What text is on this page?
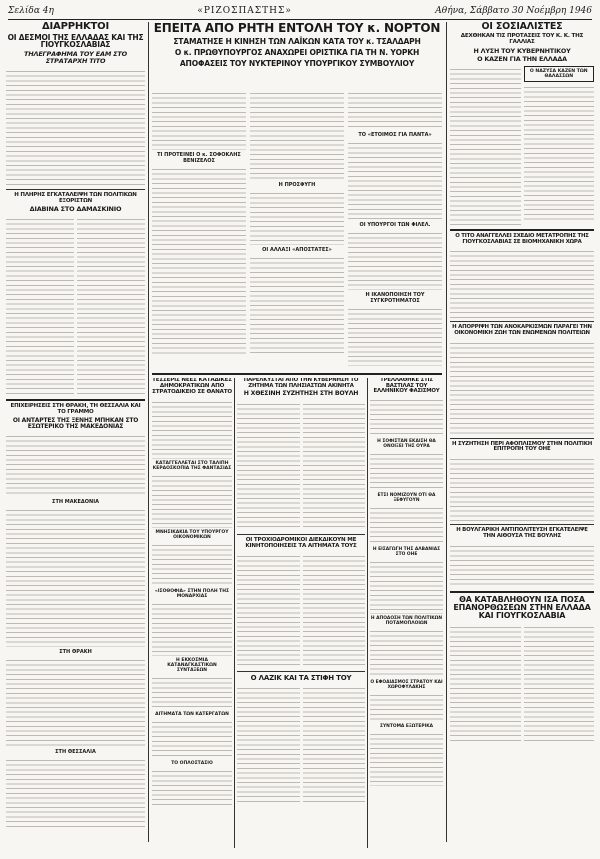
Σελίδα 4η	«ΡΙΖΟΣΠΑΣΤΗΣ»	Αθήνα, Σάββατο 30 Νοέμβρη 1946
ΔΙΑΡΡΗΚΤΟΙ
ΟΙ ΔΕΣΜΟΙ ΤΗΣ ΕΛΛΑΔΑΣ ΚΑΙ ΤΗΣ ΓΙΟΥΓΚΟΣΛΑΒΙΑΣ
ΤΗΛΕΓΡΑΦΗΜΑ ΤΟΥ ΕΑΜ ΣΤΟ ΣΤΡΑΤΑΡΧΗ ΤΙΤΟ
Η ΠΛΗΡΗΣ ΕΓΚΑΤΑΛΕΙΨΗ ΤΩΝ ΠΟΛΙΤΙΚΩΝ ΕΞΟΡΙΣΤΩΝ
ΔΙΑΒΙΝΑ ΣΤΟ ΔΑΜΑΣΚΙΝΙΟ
ΕΠΙΧΕΙΡΗΣΕΙΣ ΣΤΗ ΘΡΑΚΗ, ΤΗ ΘΕΣΣΑΛΙΑ ΚΑΙ ΤΟ ΓΡΑΜΜΟ
ΟΙ ΑΝΤΑΡΤΕΣ ΤΗΣ ΞΕΝΗΣ ΜΠΗΚΑΝ ΣΤΟ ΕΣΩΤΕΡΙΚΟ ΤΗΣ ΜΑΚΕΔΟΝΙΑΣ
ΣΤΗ ΜΑΚΕΔΟΝΙΑ
ΣΤΗ ΘΡΑΚΗ
ΣΤΗ ΘΕΣΣΑΛΙΑ
ΕΠΕΙΤΑ ΑΠΟ ΡΗΤΗ ΕΝΤΟΛΗ ΤΟΥ κ. ΝΟΡΤΟΝ
ΣΤΑΜΑΤΗΣΕ Η ΚΙΝΗΣΗ ΤΩΝ ΛΑΪΚΩΝ ΚΑΤΑ ΤΟΥ κ. ΤΣΑΛΔΑΡΗ
Ο κ. ΠΡΩΘΥΠΟΥΡΓΟΣ ΑΝΑΧΩΡΕΙ ΟΡΙΣΤΙΚΑ ΓΙΑ ΤΗ Ν. ΥΟΡΚΗ
ΑΠΟΦΑΣΕΙΣ ΤΟΥ ΝΥΚΤΕΡΙΝΟΥ ΥΠΟΥΡΓΙΚΟΥ ΣΥΜΒΟΥΛΙΟΥ
ΤΙ ΠΡΟΤΕΙΝΕΙ Ο κ. ΣΟΦΟΚΛΗΣ ΒΕΝΙΖΕΛΟΣ
Η ΠΡΟΣΦΥΓΗ
ΟΙ ΑΛΛΑΞΙ «ΑΠΟΣΤΑΤΕΣ»
ΤΟ «ΕΤΟΙΜΟΣ ΓΙΑ ΠΑΝΤΑ»
ΟΙ ΥΠΟΥΡΓΟΙ ΤΩΝ ΦΙΛΕΛ.
Η ΙΚΑΝΟΠΟΙΗΣΗ ΤΟΥ ΣΥΓΚΡΟΤΗΜΑΤΟΣ
ΤΕΣΣΕΡΙΣ ΝΕΕΣ ΚΑΤΑΔΙΚΕΣ ΔΗΜΟΚΡΑΤΙΚΩΝ ΑΠΟ ΣΤΡΑΤΟΔΙΚΕΙΟ ΣΕ ΘΑΝΑΤΟ
ΚΑΤΑΓΓΕΛΛΕΤΑΙ ΣΤΟ ΤΑΛΙΠΗ ΚΕΡΔΟΣΚΟΠΙΑ ΤΗΣ ΦΑΝΤΑΣΙΑΣ
ΜΝΗΣΙΚΑΚΙΑ ΤΟΥ ΥΠΟΥΡΓΟΥ ΟΙΚΟΝΟΜΙΚΩΝ
«ΙΣΟΘΟΦΙΑ» ΣΤΗΝ ΠΟΛΗ ΤΗΣ ΜΟΝΑΡΧΙΑΣ
Η ΕΚΚΟΣΜΙΑ ΚΑΤΑΝΑΓΚΑΣΤΙΚΩΝ ΣΥΝΤΑΞΕΩΝ
ΑΙΤΗΜΑΤΑ ΤΩΝ ΚΑΤΕΡΓΑΤΩΝ
ΤΟ ΟΠΛΟΣΤΑΣΙΟ
ΠΑΡΕΛΚΥΣΤΑΙ ΑΠΟ ΤΗΝ ΚΥΒΕΡΝΗΣΗ ΤΟ ΖΗΤΗΜΑ ΤΩΝ ΠΛΗΣΙΑΣΤΩΝ ΑΚΙΝΗΤΑ
Η ΧΘΕΣΙΝΗ ΣΥΖΗΤΗΣΗ ΣΤΗ ΒΟΥΛΗ
ΟΙ ΤΡΟΧΙΟΔΡΟΜΙΚΟΙ ΔΙΕΚΔΙΚΟΥΝ ΜΕ ΚΙΝΗΤΟΠΟΙΗΣΕΙΣ ΤΑ ΑΙΤΗΜΑΤΑ ΤΟΥΣ
Ο ΛΑΖΙΚ ΚΑΙ ΤΑ ΣΤΙΦΗ ΤΟΥ
ΤΡΕΛΛΑΘΗΚΕ ΣΤΙΣ ΒΑΣΤΙΛΑΣ ΤΟΥ ΕΛΛΗΝΙΚΟΥ ΦΑΣΙΣΜΟΥ
Η ΣΟΦΙΣΤΑΝ ΕΚΔΙΣΗ ΘΑ ΟΝΟΙΞΕΙ ΤΗΣ ΟΥΡΑ
ΕΤΣΙ ΝΟΜΙΖΟΥΝ ΟΤΙ ΘΑ ΞΕΦΥΓΟΥΝ
Η ΕΙΣΑΓΩΓΗ ΤΗΣ ΑΛΒΑΝΙΑΣ ΣΤΟ ΟΗΕ
Η ΑΠΟΔΟΣΗ ΤΩΝ ΠΟΛΙΤΙΚΩΝ ΠΟΤΑΜΟΠΛΟΙΩΝ
Ο ΕΦΟΔΙΑΣΜΟΣ ΣΤΡΑΤΟΥ ΚΑΙ ΧΩΡΟΦΥΛΑΚΗΣ
ΣΥΝΤΟΜΑ ΕΞΩΤΕΡΙΚΑ
ΟΙ ΣΟΣΙΑΛΙΣΤΕΣ
ΔΕΧΘΗΚΑΝ ΤΙΣ ΠΡΟΤΑΣΕΙΣ ΤΟΥ Κ. Κ. ΤΗΣ ΓΑΛΛΙΑΣ
Η ΛΥΣΗ ΤΟΥ ΚΥΒΕΡΝΗΤΙΚΟΥ
Ο ΚΑΖΕΝ ΓΙΑ ΤΗΝ ΕΛΛΑΔΑ
Ο ΝΑΖΥΣΑ ΚΑΖΕΝ ΤΩΝ ΘΑΛΑΣΣΩΝ
Ο ΤΙΤΟ ΑΝΑΓΓΕΛΛΕΙ ΣΧΕΔΙΟ ΜΕΤΑΤΡΟΠΗΣ ΤΗΣ ΓΙΟΥΓΚΟΣΛΑΒΙΑΣ ΣΕ ΒΙΟΜΗΧΑΝΙΚΗ ΧΩΡΑ
Η ΑΠΟΡΡΙΨΗ ΤΩΝ ΑΝΟΚΑΡΚΙΣΜΩΝ ΠΑΡΑΓΕΙ ΤΗΝ ΟΙΚΟΝΟΜΙΚΗ ΖΩΗ ΤΩΝ ΕΝΩΜΕΝΩΝ ΠΟΛΙΤΕΙΩΝ
Η ΣΥΖΗΤΗΣΗ ΠΕΡΙ ΑΦΟΠΛΙΣΜΟΥ ΣΤΗΝ ΠΟΛΙΤΙΚΗ ΕΠΙΤΡΟΠΗ ΤΟΥ ΟΗΕ
Η ΒΟΥΛΓΑΡΙΚΗ ΑΝΤΙΠΟΛΙΤΕΥΣΗ ΕΓΚΑΤΕΛΕΙΨΕ ΤΗΝ ΑΙΘΟΥΣΑ ΤΗΣ ΒΟΥΛΗΣ
ΘΑ ΚΑΤΑΒΛΗΘΟΥΝ ΙΣΑ ΠΟΣΑ ΕΠΑΝΟΡΘΩΣΕΩΝ ΣΤΗΝ ΕΛΛΑΔΑ ΚΑΙ ΓΙΟΥΓΚΟΣΛΑΒΙΑ
